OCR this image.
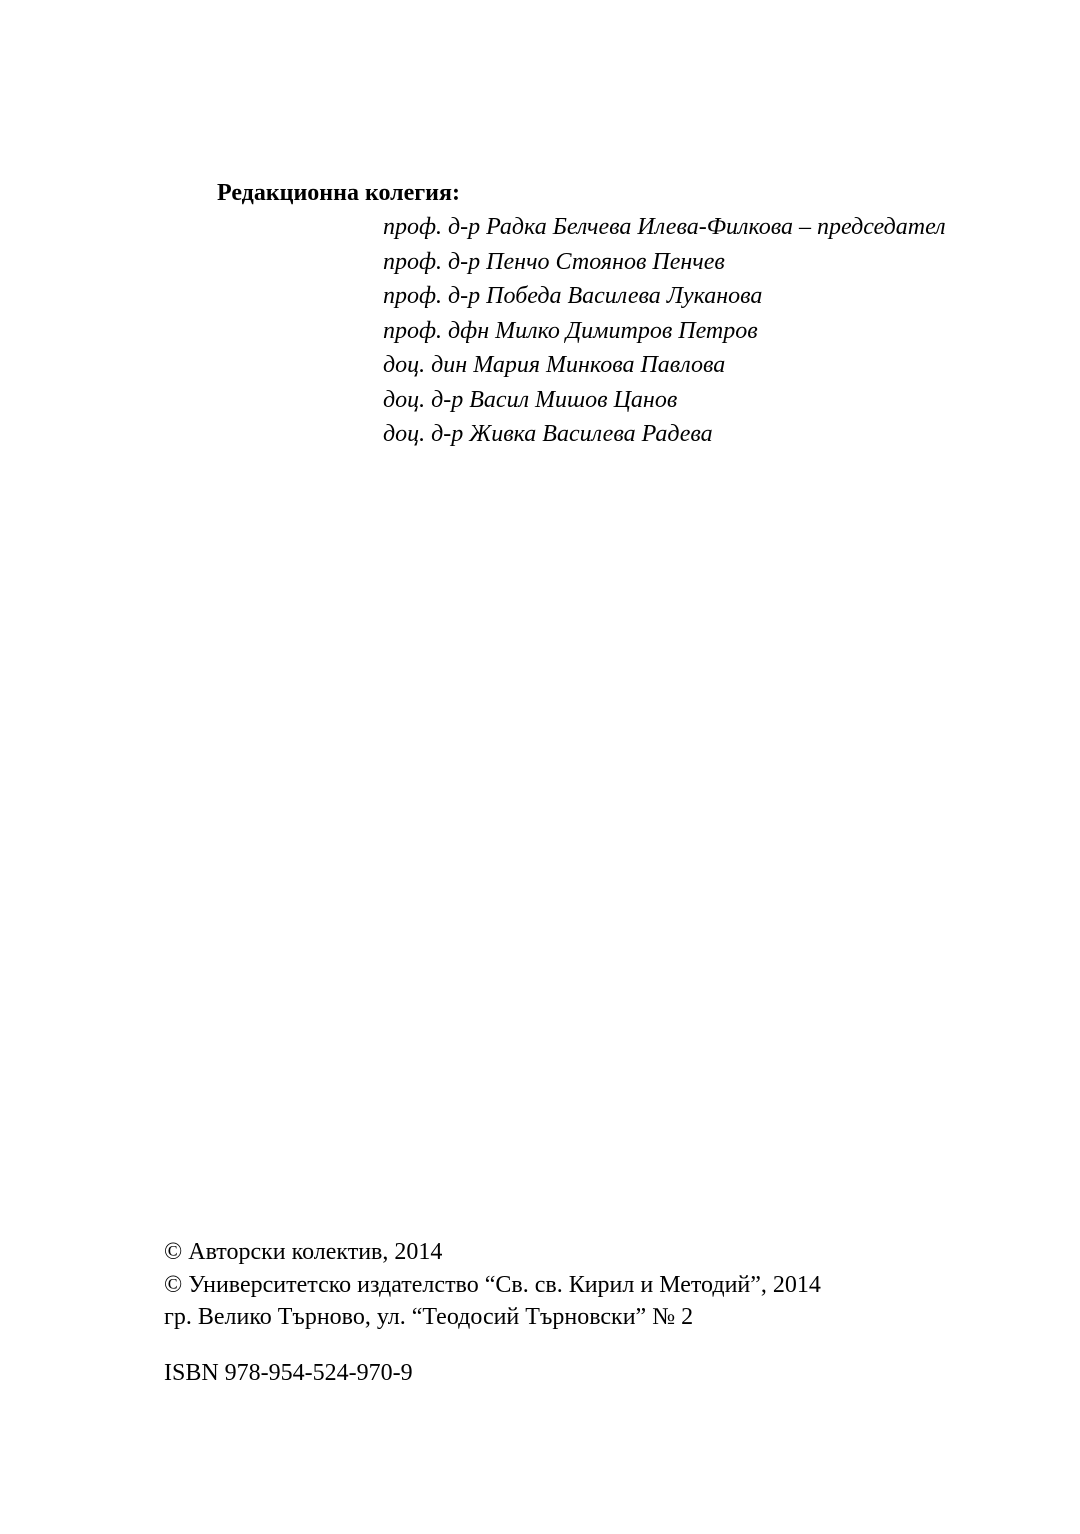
Редакционна колегия:
проф. д-р Радка Белчева Илева-Филкова – председател
проф. д-р Пенчо Стоянов Пенчев
проф. д-р Победа Василева Луканова
проф. дфн Милко Димитров Петров
доц. дин Мария Минкова Павлова
доц. д-р Васил Мишов Цанов
доц. д-р Живка Василева Радева
© Авторски колектив, 2014
© Университетско издателство “Св. св. Кирил и Методий”, 2014
гр. Велико Търново, ул. “Теодосий Търновски” № 2
ISBN 978-954-524-970-9
